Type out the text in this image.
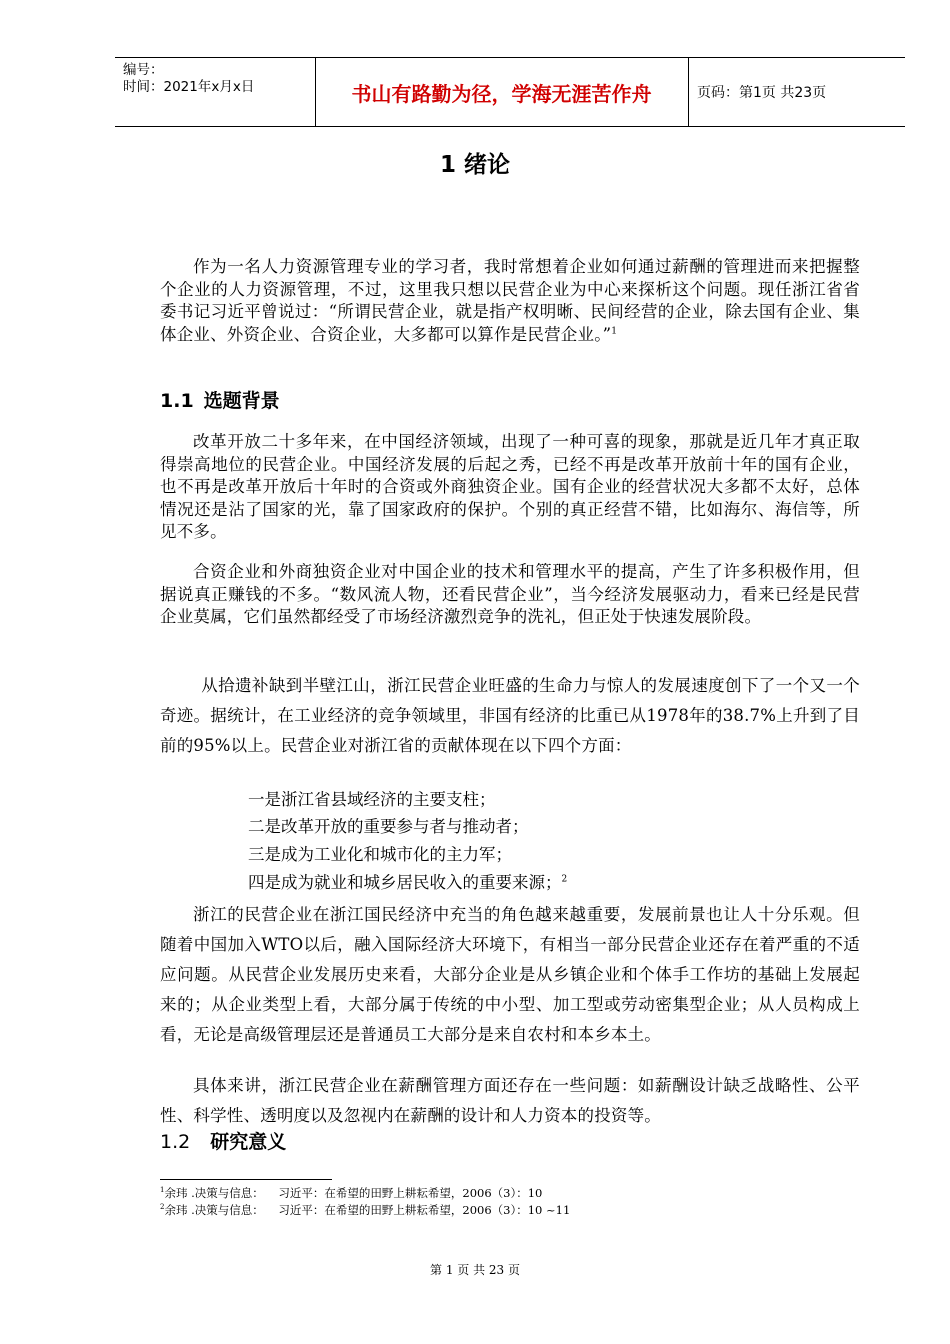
编号：
时间：2021年x月x日	书山有路勤为径，学海无涯苦作舟	页码：第1页 共23页
1 绪论

作为一名人力资源管理专业的学习者，我时常想着企业如何通过薪酬的管理进而来把握整个企业的人力资源管理，不过，这里我只想以民营企业为中心来探析这个问题。现任浙江省省委书记习近平曾说过：“所谓民营企业，就是指产权明晰、民间经营的企业，除去国有企业、集体企业、外资企业、合资企业，大多都可以算作是民营企业。”$^1$

1.1 选题背景

改革开放二十多年来，在中国经济领域，出现了一种可喜的现象，那就是近几年才真正取得崇高地位的民营企业。中国经济发展的后起之秀，已经不再是改革开放前十年的国有企业，也不再是改革开放后十年时的合资或外商独资企业。国有企业的经营状况大多都不太好，总体情况还是沾了国家的光，靠了国家政府的保护。个别的真正经营不错，比如海尔、海信等，所见不多。

合资企业和外商独资企业对中国企业的技术和管理水平的提高，产生了许多积极作用，但据说真正赚钱的不多。“数风流人物，还看民营企业”，当今经济发展驱动力，看来已经是民营企业莫属，它们虽然都经受了市场经济激烈竞争的洗礼，但正处于快速发展阶段。

从拾遗补缺到半壁江山，浙江民营企业旺盛的生命力与惊人的发展速度创下了一个又一个奇迹。据统计，在工业经济的竞争领域里，非国有经济的比重已从1978年的38.7%上升到了目前的95%以上。民营企业对浙江省的贡献体现在以下四个方面：

一是浙江省县域经济的主要支柱；

二是改革开放的重要参与者与推动者；

三是成为工业化和城市化的主力军；

四是成为就业和城乡居民收入的重要来源；$^2$

浙江的民营企业在浙江国民经济中充当的角色越来越重要，发展前景也让人十分乐观。但随着中国加入WTO以后，融入国际经济大环境下，有相当一部分民营企业还存在着严重的不适应问题。从民营企业发展历史来看，大部分企业是从乡镇企业和个体手工作坊的基础上发展起来的；从企业类型上看，大部分属于传统的中小型、加工型或劳动密集型企业；从人员构成上看，无论是高级管理层还是普通员工大部分是来自农村和本乡本土。

具体来讲，浙江民营企业在薪酬管理方面还存在一些问题：如薪酬设计缺乏战略性、公平性、科学性、透明度以及忽视内在薪酬的设计和人力资本的投资等。

1.2 研究意义

$^1$余玮 .决策与信息：    习近平：在希望的田野上耕耘希望，2006（3）：10

$^2$余玮 .决策与信息：    习近平：在希望的田野上耕耘希望，2006（3）：10 ~11

第 1 页 共 23 页
